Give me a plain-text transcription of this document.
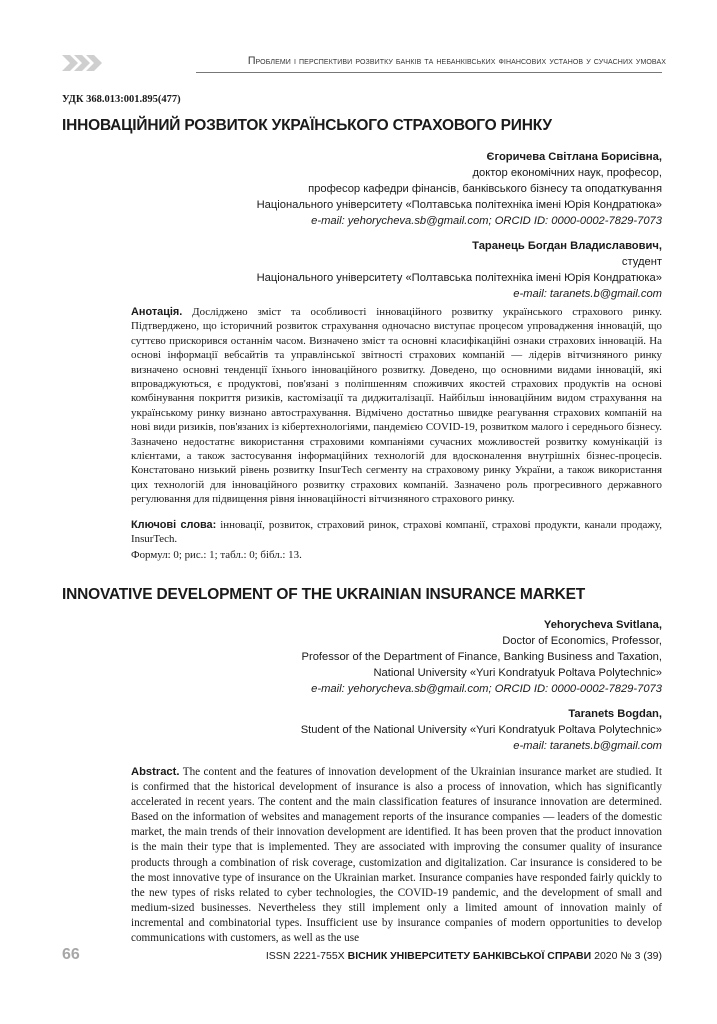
Проблеми і перспективи розвитку банків та небанківських фінансових установ у сучасних умовах
УДК 368.013:001.895(477)
ІННОВАЦІЙНИЙ РОЗВИТОК УКРАЇНСЬКОГО СТРАХОВОГО РИНКУ
Єгоричева Світлана Борисівна,
доктор економічних наук, професор,
професор кафедри фінансів, банківського бізнесу та оподаткування
Національного університету «Полтавська політехніка імені Юрія Кондратюка»
e-mail: yehorycheva.sb@gmail.com; ORCID ID: 0000-0002-7829-7073
Таранець Богдан Владиславович,
студент
Національного університету «Полтавська політехніка імені Юрія Кондратюка»
e-mail: taranets.b@gmail.com
Анотація. Досліджено зміст та особливості інноваційного розвитку українського страхового ринку. Підтверджено, що історичний розвиток страхування одночасно виступає процесом упровадження інновацій, що суттєво прискорився останнім часом. Визначено зміст та основні класифікаційні ознаки страхових інновацій. На основі інформації вебсайтів та управлінської звітності страхових компаній — лідерів вітчизняного ринку визначено основні тенденції їхнього інноваційного розвитку. Доведено, що основними видами інновацій, які впроваджуються, є продуктові, пов'язані з поліпшенням споживчих якостей страхових продуктів на основі комбінування покриття ризиків, кастомізації та диджиталізації. Найбільш інноваційним видом страхування на українському ринку визнано автострахування. Відмічено достатньо швидке реагування страхових компаній на нові види ризиків, пов'язаних із кібертехнологіями, пандемією COVID-19, розвитком малого і середнього бізнесу. Зазначено недостатнє використання страховими компаніями сучасних можливостей розвитку комунікацій із клієнтами, а також застосування інформаційних технологій для вдосконалення внутрішніх бізнес-процесів. Констатовано низький рівень розвитку InsurTech сегменту на страховому ринку України, а також використання цих технологій для інноваційного розвитку страхових компаній. Зазначено роль прогресивного державного регулювання для підвищення рівня інноваційності вітчизняного страхового ринку.
Ключові слова: інновації, розвиток, страховий ринок, страхові компанії, страхові продукти, канали продажу, InsurTech.
Формул: 0; рис.: 1; табл.: 0; бібл.: 13.
INNOVATIVE DEVELOPMENT OF THE UKRAINIAN INSURANCE MARKET
Yehorycheva Svitlana,
Doctor of Economics, Professor,
Professor of the Department of Finance, Banking Business and Taxation,
National University «Yuri Kondratyuk Poltava Polytechnic»
e-mail: yehorycheva.sb@gmail.com; ORCID ID: 0000-0002-7829-7073
Taranets Bogdan,
Student of the National University «Yuri Kondratyuk Poltava Polytechnic»
e-mail: taranets.b@gmail.com
Abstract. The content and the features of innovation development of the Ukrainian insurance market are studied. It is confirmed that the historical development of insurance is also a process of innovation, which has significantly accelerated in recent years. The content and the main classification features of insurance innovation are determined. Based on the information of websites and management reports of the insurance companies — leaders of the domestic market, the main trends of their innovation development are identified. It has been proven that the product innovation is the main their type that is implemented. They are associated with improving the consumer quality of insurance products through a combination of risk coverage, customization and digitalization. Car insurance is considered to be the most innovative type of insurance on the Ukrainian market. Insurance companies have responded fairly quickly to the new types of risks related to cyber technologies, the COVID-19 pandemic, and the development of small and medium-sized businesses. Nevertheless they still implement only a limited amount of innovation mainly of incremental and combinatorial types. Insufficient use by insurance companies of modern opportunities to develop communications with customers, as well as the use
66	ISSN 2221-755X ВІСНИК УНІВЕРСИТЕТУ БАНКІВСЬКОЇ СПРАВИ 2020 № 3 (39)
